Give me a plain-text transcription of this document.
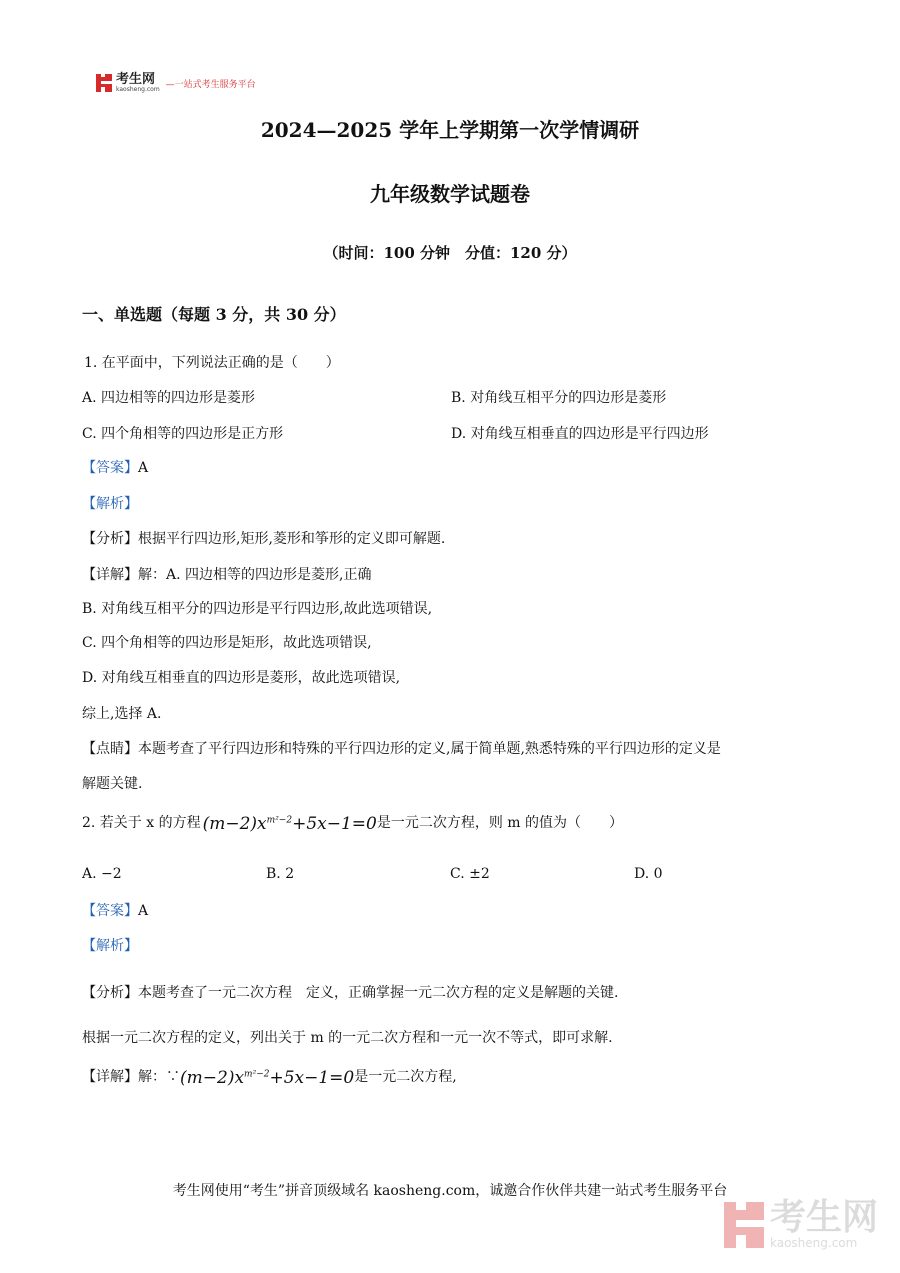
考生网
kaosheng.com —一站式考生服务平台
2024—2025 学年上学期第一次学情调研
九年级数学试题卷
（时间：100 分钟　分值：120 分）
一、单选题（每题 3 分，共 30 分）
1. 在平面中，下列说法正确的是（　　）
A. 四边相等的四边形是菱形	B. 对角线互相平分的四边形是菱形
C. 四个角相等的四边形是正方形	D. 对角线互相垂直的四边形是平行四边形
【答案】A
【解析】
【分析】根据平行四边形,矩形,菱形和筝形的定义即可解题.
【详解】解：A. 四边相等的四边形是菱形,正确
B. 对角线互相平分的四边形是平行四边形,故此选项错误,
C. 四个角相等的四边形是矩形，故此选项错误,
D. 对角线互相垂直的四边形是菱形，故此选项错误,
综上,选择 A.
【点睛】本题考查了平行四边形和特殊的平行四边形的定义,属于简单题,熟悉特殊的平行四边形的定义是
解题关键.
2. 若关于 x 的方程 $(m-2)x^{m^2-2}+5x-1=0$ 是一元二次方程，则 m 的值为（　　）
A. −2	B. 2	C. ±2	D. 0
【答案】A
【解析】
【分析】本题考查了一元二次方程　定义，正确掌握一元二次方程的定义是解题的关键.
根据一元二次方程的定义，列出关于 m 的一元二次方程和一元一次不等式，即可求解.
【详解】解：∵ $(m-2)x^{m^2-2}+5x-1=0$ 是一元二次方程,
考生网使用“考生”拼音顶级域名 kaosheng.com，诚邀合作伙伴共建一站式考生服务平台
考生网
kaosheng.com
